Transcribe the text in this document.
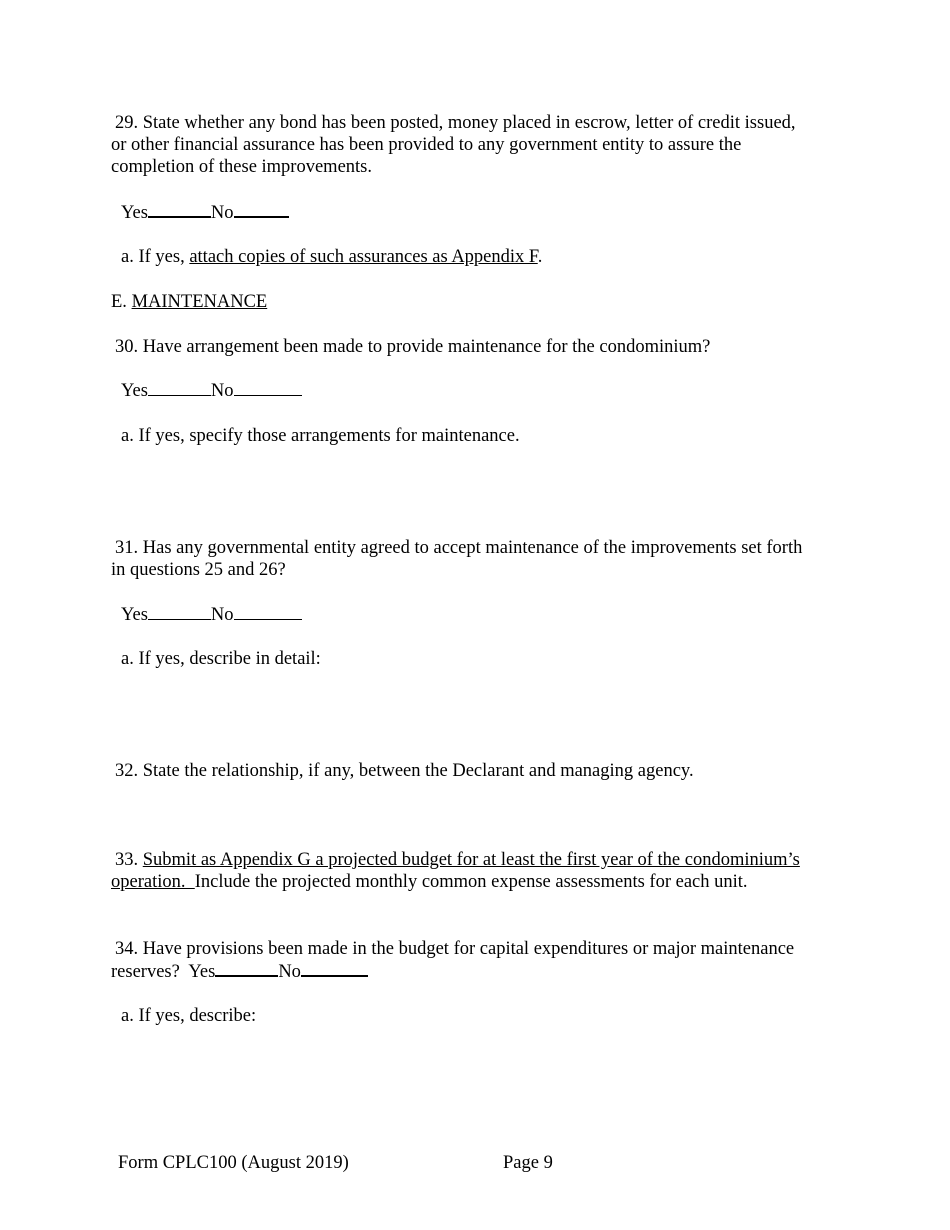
29. State whether any bond has been posted, money placed in escrow, letter of credit issued,
or other financial assurance has been provided to any government entity to assure the
completion of these improvements.
Yes	No
a. If yes, attach copies of such assurances as Appendix F.
E. MAINTENANCE
30. Have arrangement been made to provide maintenance for the condominium?
Yes	No
a. If yes, specify those arrangements for maintenance.
31. Has any governmental entity agreed to accept maintenance of the improvements set forth
in questions 25 and 26?
Yes	No
a. If yes, describe in detail:
32. State the relationship, if any, between the Declarant and managing agency.
33. Submit as Appendix G a projected budget for at least the first year of the condominium’s
operation.  Include the projected monthly common expense assessments for each unit.
34. Have provisions been made in the budget for capital expenditures or major maintenance
reserves?  Yes	No
a. If yes, describe:
Form CPLC100 (August 2019)	Page 9
